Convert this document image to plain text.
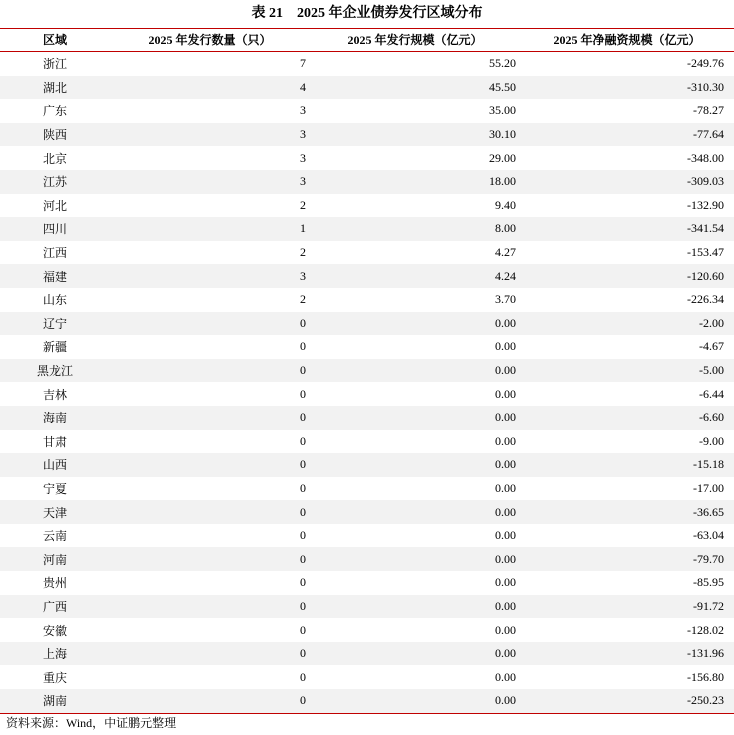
表 21　2025 年企业债券发行区域分布
区域	2025 年发行数量（只）	2025 年发行规模（亿元）	2025 年净融资规模（亿元）
浙江	7	55.20	-249.76
湖北	4	45.50	-310.30
广东	3	35.00	-78.27
陕西	3	30.10	-77.64
北京	3	29.00	-348.00
江苏	3	18.00	-309.03
河北	2	9.40	-132.90
四川	1	8.00	-341.54
江西	2	4.27	-153.47
福建	3	4.24	-120.60
山东	2	3.70	-226.34
辽宁	0	0.00	-2.00
新疆	0	0.00	-4.67
黑龙江	0	0.00	-5.00
吉林	0	0.00	-6.44
海南	0	0.00	-6.60
甘肃	0	0.00	-9.00
山西	0	0.00	-15.18
宁夏	0	0.00	-17.00
天津	0	0.00	-36.65
云南	0	0.00	-63.04
河南	0	0.00	-79.70
贵州	0	0.00	-85.95
广西	0	0.00	-91.72
安徽	0	0.00	-128.02
上海	0	0.00	-131.96
重庆	0	0.00	-156.80
湖南	0	0.00	-250.23
资料来源：Wind，中证鹏元整理
